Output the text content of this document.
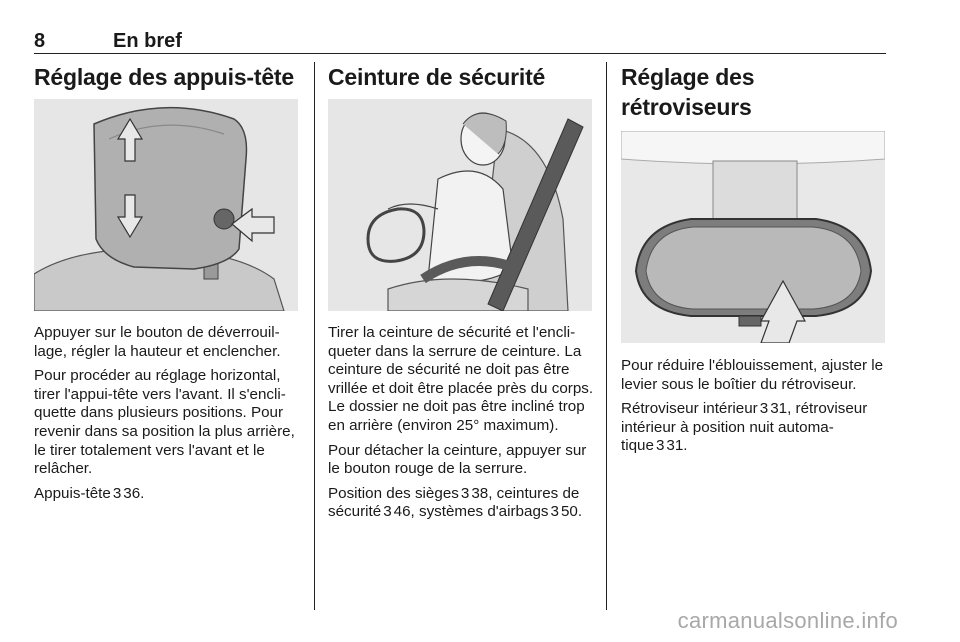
8	En bref
Réglage des appuis-tête

Appuyer sur le bouton de déverrouillage, régler la hauteur et enclencher.

Pour procéder au réglage horizontal, tirer l'appui-tête vers l'avant. Il s'encliquette dans plusieurs positions. Pour revenir dans sa position la plus arrière, le tirer totalement vers l'avant et le relâcher.

Appuis-tête 3 36.

Ceinture de sécurité

Tirer la ceinture de sécurité et l'encliqueter dans la serrure de ceinture. La ceinture de sécurité ne doit pas être vrillée et doit être placée près du corps. Le dossier ne doit pas être incliné trop en arrière (environ 25° maximum).

Pour détacher la ceinture, appuyer sur le bouton rouge de la serrure.

Position des sièges 3 38, ceintures de sécurité 3 46, systèmes d'airbags 3 50.

Réglage des rétroviseurs

Pour réduire l'éblouissement, ajuster le levier sous le boîtier du rétroviseur.

Rétroviseur intérieur 3 31, rétroviseur intérieur à position nuit automatique 3 31.

carmanualsonline.info
